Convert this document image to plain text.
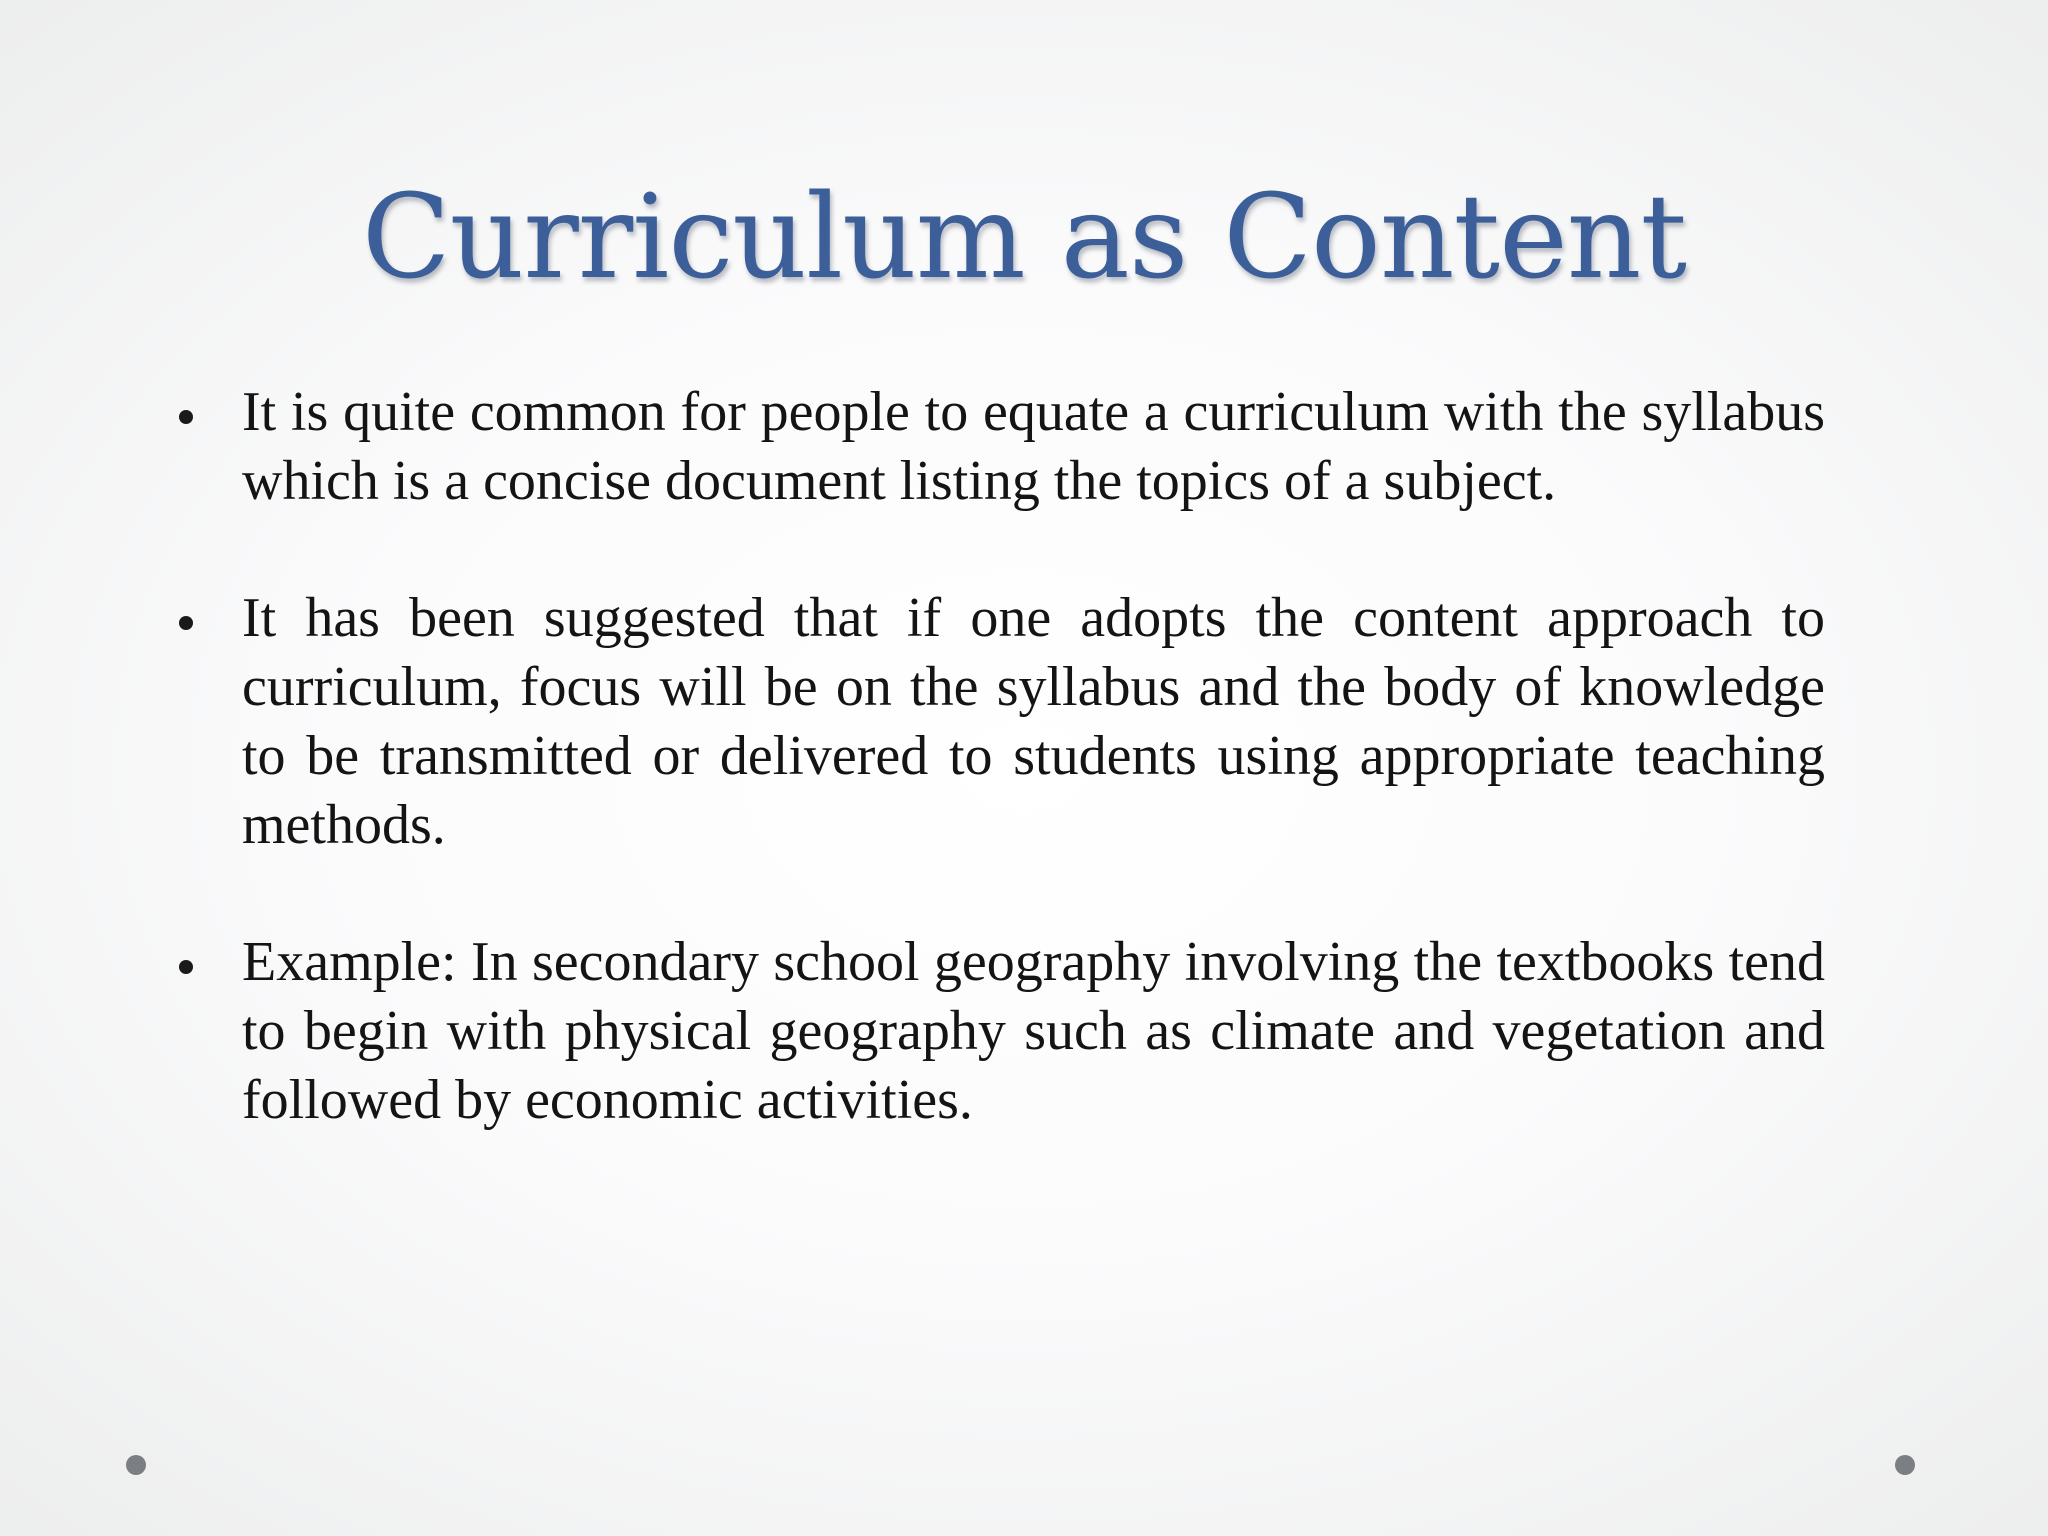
Curriculum as Content
It is quite common for people to equate a curriculum with the syllabus which is a concise document listing the topics of a subject.
It has been suggested that if one adopts the content approach to curriculum, focus will be on the syllabus and the body of knowledge to be transmitted or delivered to students using appropriate teaching methods.
Example: In secondary school geography involving the textbooks tend to begin with physical geography such as climate and vegetation and followed by economic activities.
